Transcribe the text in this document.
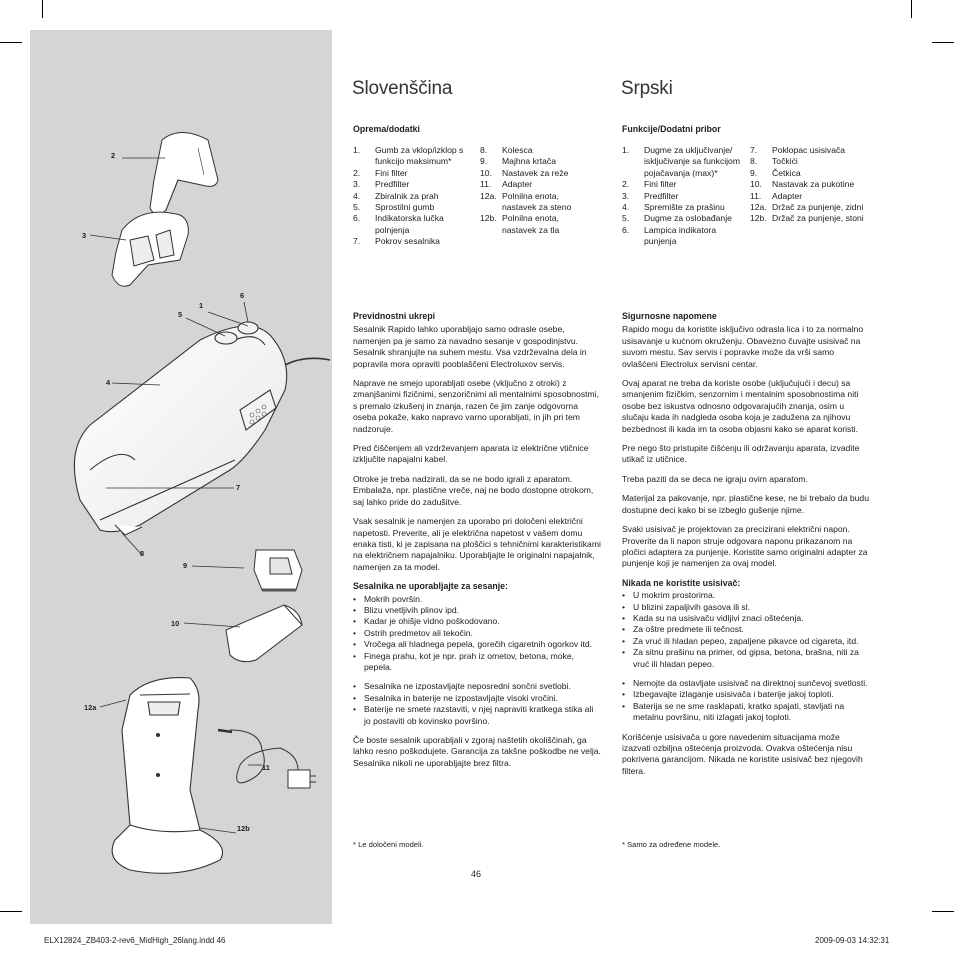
2
3
1
6
5
4
7
8
9
10
12a
11
12b
Slovenščina
Oprema/dodatki
1.	Gumb za vklop/izklop s funkcijo maksimum*
2.	Fini filter
3.	Predfilter
4.	Zbiralnik za prah
5.	Sprostilni gumb
6.	Indikatorska lučka polnjenja
7.	Pokrov sesalnika
8.	Kolesca
9.	Majhna krtača
10.	Nastavek za reže
11.	Adapter
12a. Polnilna enota, nastavek za steno
12b. Polnilna enota, nastavek za tla
Previdnostni ukrepi

Sesalnik Rapido lahko uporabljajo samo odrasle osebe, namenjen pa je samo za navadno sesanje v gospodinjstvu. Sesalnik shranjujte na suhem mestu. Vsa vzdrževalna dela in popravila mora opraviti pooblaščeni Electroluxov servis.

Naprave ne smejo uporabljati osebe (vključno z otroki) z zmanjšanimi fizičnimi, senzoričnimi ali mentalnimi sposobnostmi, s premalo izkušenj in znanja, razen če jim zanje odgovorna oseba pokaže, kako napravo varno uporabljati, in jih pri tem nadzoruje.

Pred čiščenjem ali vzdrževanjem aparata iz električne vtičnice izključite napajalni kabel.

Otroke je treba nadzirati, da se ne bodo igrali z aparatom. Embalaža, npr. plastične vreče, naj ne bodo dostopne otrokom, saj lahko pride do zadušitve.

Vsak sesalnik je namenjen za uporabo pri določeni električni napetosti. Preverite, ali je električna napetost v vašem domu enaka tisti, ki je zapisana na ploščici s tehničnimi karakteristikami na električnem napajalniku. Uporabljajte le originalni napajalnik, namenjen za ta model.

Sesalnika ne uporabljajte za sesanje:
• Mokrih površin.
• Blizu vnetljivih plinov ipd.
• Kadar je ohišje vidno poškodovano.
• Ostrih predmetov ali tekočin.
• Vročega ali hladnega pepela, gorečih cigaretnih ogorkov itd.
• Finega prahu, kot je npr. prah iz ometov, betona, moke, pepela.
• Sesalnika ne izpostavljajte neposredni sončni svetlobi.
• Sesalnika in baterije ne izpostavljajte visoki vročini.
• Baterije ne smete razstaviti, v njej napraviti kratkega stika ali jo postaviti ob kovinsko površino.

Če boste sesalnik uporabljali v zgoraj naštetih okoliščinah, ga lahko resno poškodujete. Garancija za takšne poškodbe ne velja. Sesalnika nikoli ne uporabljajte brez filtra.

* Le določeni modeli.
Srpski
Funkcije/Dodatni pribor
1.	Dugme za uključivanje/ isključivanje sa funkcijom pojačavanja (max)*
2.	Fini filter
3.	Predfilter
4.	Spremište za prašinu
5.	Dugme za oslobađanje
6.	Lampica indikatora punjenja
7.	Poklopac usisivača
8.	Točkići
9.	Četkica
10.	Nastavak za pukotine
11.	Adapter
12a. Držač za punjenje, zidni
12b. Držač za punjenje, stoni
Sigurnosne napomene

Rapido mogu da koristite isključivo odrasla lica i to za normalno usisavanje u kućnom okruženju. Obavezno čuvajte usisivač na suvom mestu. Sav servis i popravke može da vrši samo ovlašćeni Electrolux servisni centar.

Ovaj aparat ne treba da koriste osobe (uključujući i decu) sa smanjenim fizičkim, senzornim i mentalnim sposobnostima niti osobe bez iskustva odnosno odgovarajućih znanja, osim u slučaju kada ih nadgleda osoba koja je zadužena za njihovu bezbednost ili kada im ta osoba objasni kako se aparat koristi.

Pre nego što pristupite čišćenju ili održavanju aparata, izvadite utikač iz utičnice.

Treba paziti da se deca ne igraju ovim aparatom.

Materijal za pakovanje, npr. plastične kese, ne bi trebalo da budu dostupne deci kako bi se izbeglo gušenje njime.

Svaki usisivač je projektovan za precizirani električni napon. Proverite da li napon struje odgovara naponu prikazanom na pločici adaptera za punjenje. Koristite samo originalni adapter za punjenje koji je namenjen za ovaj model.

Nikada ne koristite usisivač:
• U mokrim prostorima.
• U blizini zapaljivih gasova ili sl.
• Kada su na usisivaču vidljivi znaci oštećenja.
• Za oštre predmete ili tečnost.
• Za vruć ili hladan pepeo, zapaljene pikavce od cigareta, itd.
• Za sitnu prašinu na primer, od gipsa, betona, brašna, niti za vruć ili hladan pepeo.
• Nemojte da ostavljate usisivač na direktnoj sunčevoj svetlosti.
• Izbegavajte izlaganje usisivača i baterije jakoj toploti.
• Baterija se ne sme rasklapati, kratko spajati, stavljati na metalnu površinu, niti izlagati jakoj toploti.

Korišćenje usisivača u gore navedenim situacijama može izazvati ozbiljna oštećenja proizvoda. Ovakva oštećenja nisu pokrivena garancijom. Nikada ne koristite usisivač bez njegovih filtera.

* Samo za određene modele.
46
ELX12824_ZB403-2-rev6_MidHigh_26lang.indd 46	2009-09-03 14:32:31
